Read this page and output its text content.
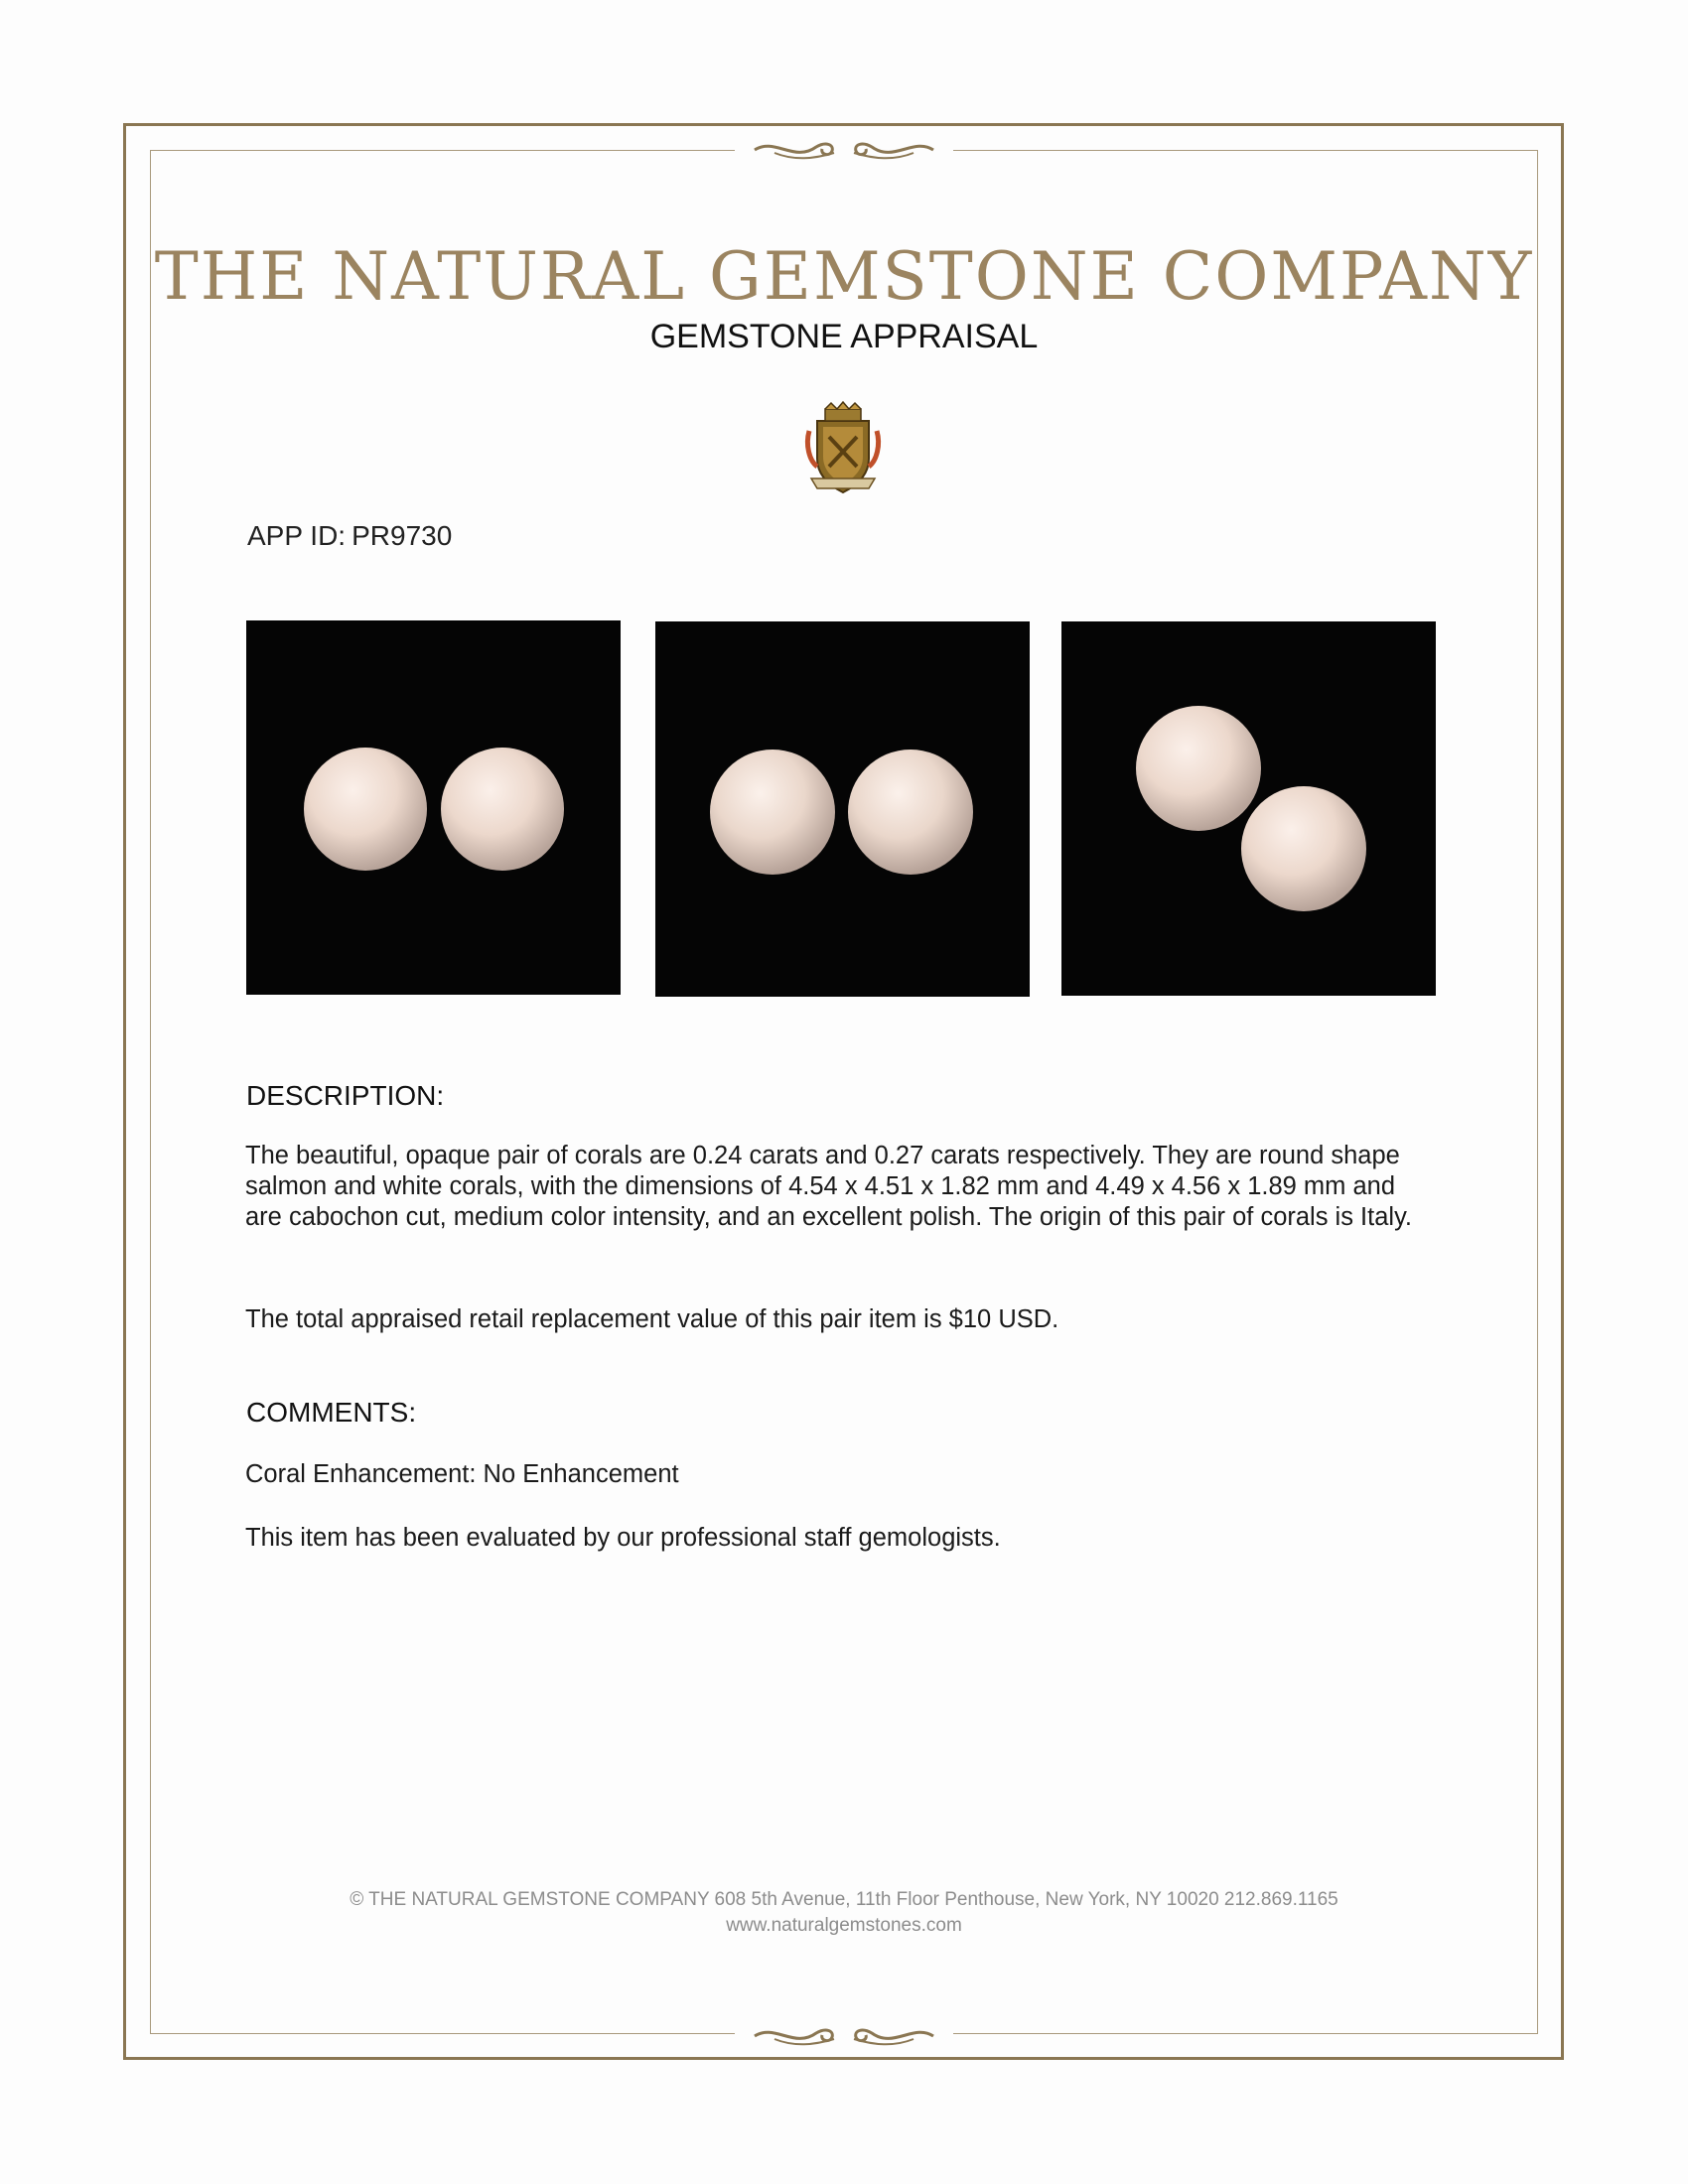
THE NATURAL GEMSTONE COMPANY
GEMSTONE APPRAISAL
APP ID: PR9730
DESCRIPTION:
The beautiful, opaque pair of corals are 0.24 carats and 0.27 carats respectively. They are round shape salmon and white corals, with the dimensions of 4.54 x 4.51 x 1.82 mm and 4.49 x 4.56 x 1.89 mm and are cabochon cut, medium color intensity, and an excellent polish. The origin of this pair of corals is Italy.
The total appraised retail replacement value of this pair item is $10 USD.
COMMENTS:
Coral Enhancement: No Enhancement
This item has been evaluated by our professional staff gemologists.
© THE NATURAL GEMSTONE COMPANY 608 5th Avenue, 11th Floor Penthouse, New York, NY 10020 212.869.1165
www.naturalgemstones.com
